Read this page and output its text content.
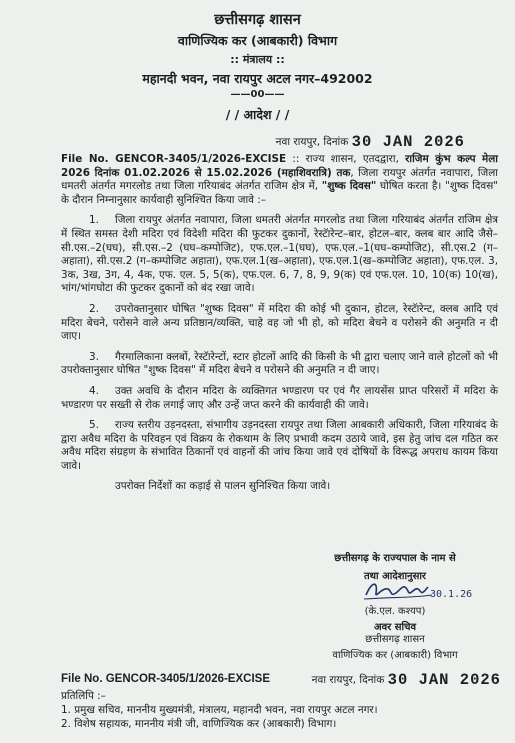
छत्तीसगढ़ शासन
वाणिज्यिक कर (आबकारी) विभाग
:: मंत्रालय ::
महानदी भवन, नवा रायपुर अटल नगर–492002
——00——
/ / आदेश / /
नवा रायपुर, दिनांक 30 JAN 2026

File No. GENCOR-3405/1/2026-EXCISE :: राज्य शासन, एतदद्वारा, राजिम कुंभ कल्प मेला 2026 दिनांक 01.02.2026 से 15.02.2026 (महाशिवरात्रि) तक, जिला रायपुर अंतर्गत नवापारा, जिला धमतरी अंतर्गत मगरलोड तथा जिला गरियाबंद अंतर्गत राजिम क्षेत्र में, "शुष्क दिवस" घोषित करता है। "शुष्क दिवस" के दौरान निम्नानुसार कार्यवाही सुनिश्चित किया जावे :–

1. जिला रायपुर अंतर्गत नवापारा, जिला धमतरी अंतर्गत मगरलोड तथा जिला गरियाबंद अंतर्गत राजिम क्षेत्र में स्थित समस्त देशी मदिरा एवं विदेशी मदिरा की फुटकर दुकानों, रेस्टॅारेन्ट–बार, होटल–बार, क्लब बार आदि जैसे– सी.एस.–2(घघ), सी.एस.–2 (घघ–कम्पोजिट), एफ.एल.–1(घघ), एफ.एल.–1(घघ–कम्पोजिट), सी.एस.2 (ग–अहाता), सी.एस.2 (ग–कम्पोजिट अहाता), एफ.एल.1(ख–अहाता), एफ.एल.1(ख–कम्पोजिट अहाता), एफ.एल. 3, 3क, 3ख, 3ग, 4, 4क, एफ. एल. 5, 5(क), एफ.एल. 6, 7, 8, 9, 9(क) एवं एफ.एल. 10, 10(क) 10(ख), भांग/भांगघोटा की फुटकर दुकानों को बंद रखा जावे।

2. उपरोक्तानुसार घोषित "शुष्क दिवस" में मदिरा की कोई भी दुकान, होटल, रेस्टॅारेन्ट, क्लब आदि एवं मदिरा बेचने, परोसने वाले अन्य प्रतिष्ठान/व्यक्ति, चाहे वह जो भी हो, को मदिरा बेचने व परोसने की अनुमति न दी जाए।

3. गैरमालिकाना क्लबों, रेस्टॅारेन्टों, स्टार होटलों आदि की किसी के भी द्वारा चलाए जाने वाले होटलों को भी उपरोक्तानुसार घोषित "शुष्क दिवस" में मदिरा बेचने व परोसने की अनुमति न दी जाए।

4. उक्त अवधि के दौरान मदिरा के व्यक्तिगत भण्डारण पर एवं गैर लायसेंस प्राप्त परिसरों में मदिरा के भण्डारण पर सख्ती से रोक लगाई जाए और उन्हें जप्त करने की कार्यवाही की जावे।

5. राज्य स्तरीय उड़नदस्ता, संभागीय उड़नदस्ता रायपुर तथा जिला आबकारी अधिकारी, जिला गरियाबंद के द्वारा अवैध मदिरा के परिवहन एवं विक्रय के रोकथाम के लिए प्रभावी कदम उठाये जावे, इस हेतु जांच दल गठित कर अवैध मदिरा संग्रहण के संभावित ठिकानों एवं वाहनों की जांच किया जावे एवं दोषियों के विरूद्ध अपराध कायम किया जावे।

उपरोक्त निर्देशों का कड़ाई से पालन सुनिश्चित किया जावे।

छत्तीसगढ़ के राज्यपाल के नाम से
तथा आदेशानुसार
30.1.26
(के.एल. कश्यप)
अवर सचिव
छत्तीसगढ़ शासन
वाणिज्यिक कर (आबकारी) विभाग
File No. GENCOR-3405/1/2026-EXCISE	नवा रायपुर, दिनांक 30 JAN 2026
प्रतिलिपि :–
1. प्रमुख सचिव, माननीय मुख्यमंत्री, मंत्रालय, महानदी भवन, नवा रायपुर अटल नगर।
2. विशेष सहायक, माननीय मंत्री जी, वाणिज्यिक कर (आबकारी) विभाग।
